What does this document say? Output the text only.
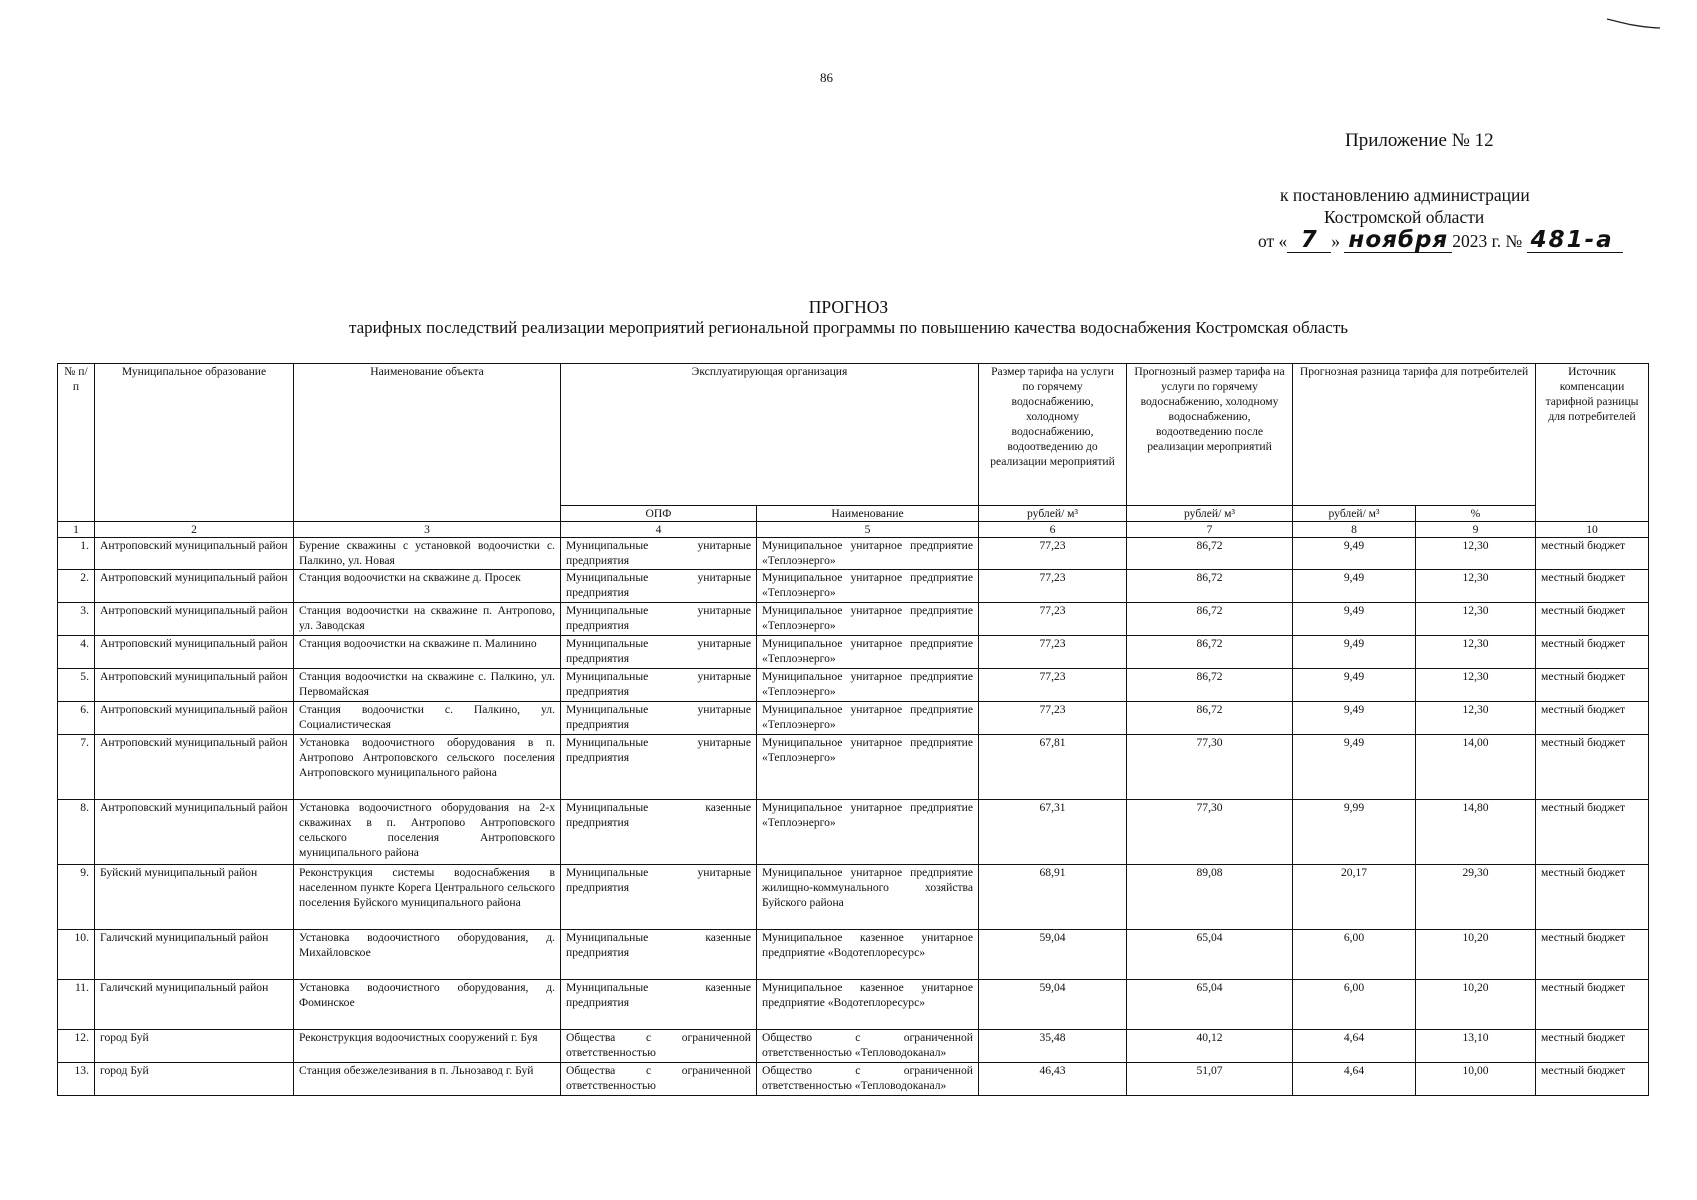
86
Приложение № 12
к постановлению администрации
Костромской области
от « 7 » ноября 2023 г. № 481-а
ПРОГНОЗ
тарифных последствий реализации мероприятий региональной программы по повышению качества водоснабжения Костромская область
№ п/п	Муниципальное образование	Наименование объекта	Эксплуатирующая организация		Размер тарифа на услуги по горячему водоснабжению, холодному водоснабжению, водоотведению до реализации мероприятий	Прогнозный размер тарифа на услуги по горячему водоснабжению, холодному водоснабжению, водоотведению после реализации мероприятий	Прогнозная разница тарифа для потребителей		Источник компенсации тарифной разницы для потребителей
			ОПФ	Наименование	рублей/ м³	рублей/ м³	рублей/ м³	%	
1	2	3	4	5	6	7	8	9	10
1.	Антроповский муниципальный район	Бурение скважины с установкой водоочистки с. Палкино, ул. Новая	Муниципальные унитарные предприятия	Муниципальное унитарное предприятие «Теплоэнерго»	77,23	86,72	9,49	12,30	местный бюджет
2.	Антроповский муниципальный район	Станция водоочистки на скважине д. Просек	Муниципальные унитарные предприятия	Муниципальное унитарное предприятие «Теплоэнерго»	77,23	86,72	9,49	12,30	местный бюджет
3.	Антроповский муниципальный район	Станция водоочистки на скважине п. Антропово, ул. Заводская	Муниципальные унитарные предприятия	Муниципальное унитарное предприятие «Теплоэнерго»	77,23	86,72	9,49	12,30	местный бюджет
4.	Антроповский муниципальный район	Станция водоочистки на скважине п. Малинино	Муниципальные унитарные предприятия	Муниципальное унитарное предприятие «Теплоэнерго»	77,23	86,72	9,49	12,30	местный бюджет
5.	Антроповский муниципальный район	Станция водоочистки на скважине с. Палкино, ул. Первомайская	Муниципальные унитарные предприятия	Муниципальное унитарное предприятие «Теплоэнерго»	77,23	86,72	9,49	12,30	местный бюджет
6.	Антроповский муниципальный район	Станция водоочистки с. Палкино, ул. Социалистическая	Муниципальные унитарные предприятия	Муниципальное унитарное предприятие «Теплоэнерго»	77,23	86,72	9,49	12,30	местный бюджет
7.	Антроповский муниципальный район	Установка водоочистного оборудования в п. Антропово Антроповского сельского поселения Антроповского муниципального района	Муниципальные унитарные предприятия	Муниципальное унитарное предприятие «Теплоэнерго»	67,81	77,30	9,49	14,00	местный бюджет
8.	Антроповский муниципальный район	Установка водоочистного оборудования на 2-х скважинах в п. Антропово Антроповского сельского поселения Антроповского муниципального района	Муниципальные казенные предприятия	Муниципальное унитарное предприятие «Теплоэнерго»	67,31	77,30	9,99	14,80	местный бюджет
9.	Буйский муниципальный район	Реконструкция системы водоснабжения в населенном пункте Корега Центрального сельского поселения Буйского муниципального района	Муниципальные унитарные предприятия	Муниципальное унитарное предприятие жилищно-коммунального хозяйства Буйского района	68,91	89,08	20,17	29,30	местный бюджет
10.	Галичский муниципальный район	Установка водоочистного оборудования, д. Михайловское	Муниципальные казенные предприятия	Муниципальное казенное унитарное предприятие «Водотеплоресурс»	59,04	65,04	6,00	10,20	местный бюджет
11.	Галичский муниципальный район	Установка водоочистного оборудования, д. Фоминское	Муниципальные казенные предприятия	Муниципальное казенное унитарное предприятие «Водотеплоресурс»	59,04	65,04	6,00	10,20	местный бюджет
12.	город Буй	Реконструкция водоочистных сооружений г. Буя	Общества с ограниченной ответственностью	Общество с ограниченной ответственностью «Тепловодоканал»	35,48	40,12	4,64	13,10	местный бюджет
13.	город Буй	Станция обезжелезивания в п. Льнозавод г. Буй	Общества с ограниченной ответственностью	Общество с ограниченной ответственностью «Тепловодоканал»	46,43	51,07	4,64	10,00	местный бюджет
